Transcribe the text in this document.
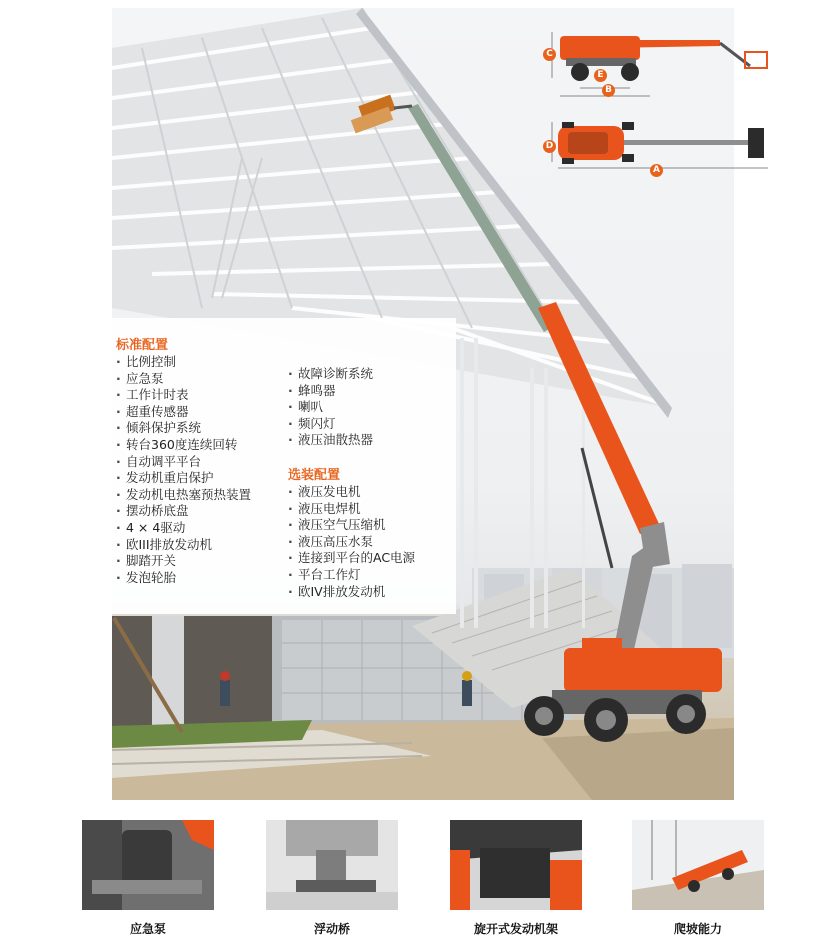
标准配置
· 比例控制
· 应急泵
· 工作计时表
· 超重传感器
· 倾斜保护系统
· 转台360度连续回转
· 自动调平平台
· 发动机重启保护
· 发动机电热塞预热装置
· 摆动桥底盘
· 4 × 4驱动
· 欧III排放发动机
· 脚踏开关
· 发泡轮胎
· 故障诊断系统
· 蜂鸣器
· 喇叭
· 频闪灯
· 液压油散热器
选装配置
· 液压发电机
· 液压电焊机
· 液压空气压缩机
· 液压高压水泵
· 连接到平台的AC电源
· 平台工作灯
· 欧IV排放发动机
C
E
B
D
A
应急泵	浮动桥	旋开式发动机架	爬坡能力
